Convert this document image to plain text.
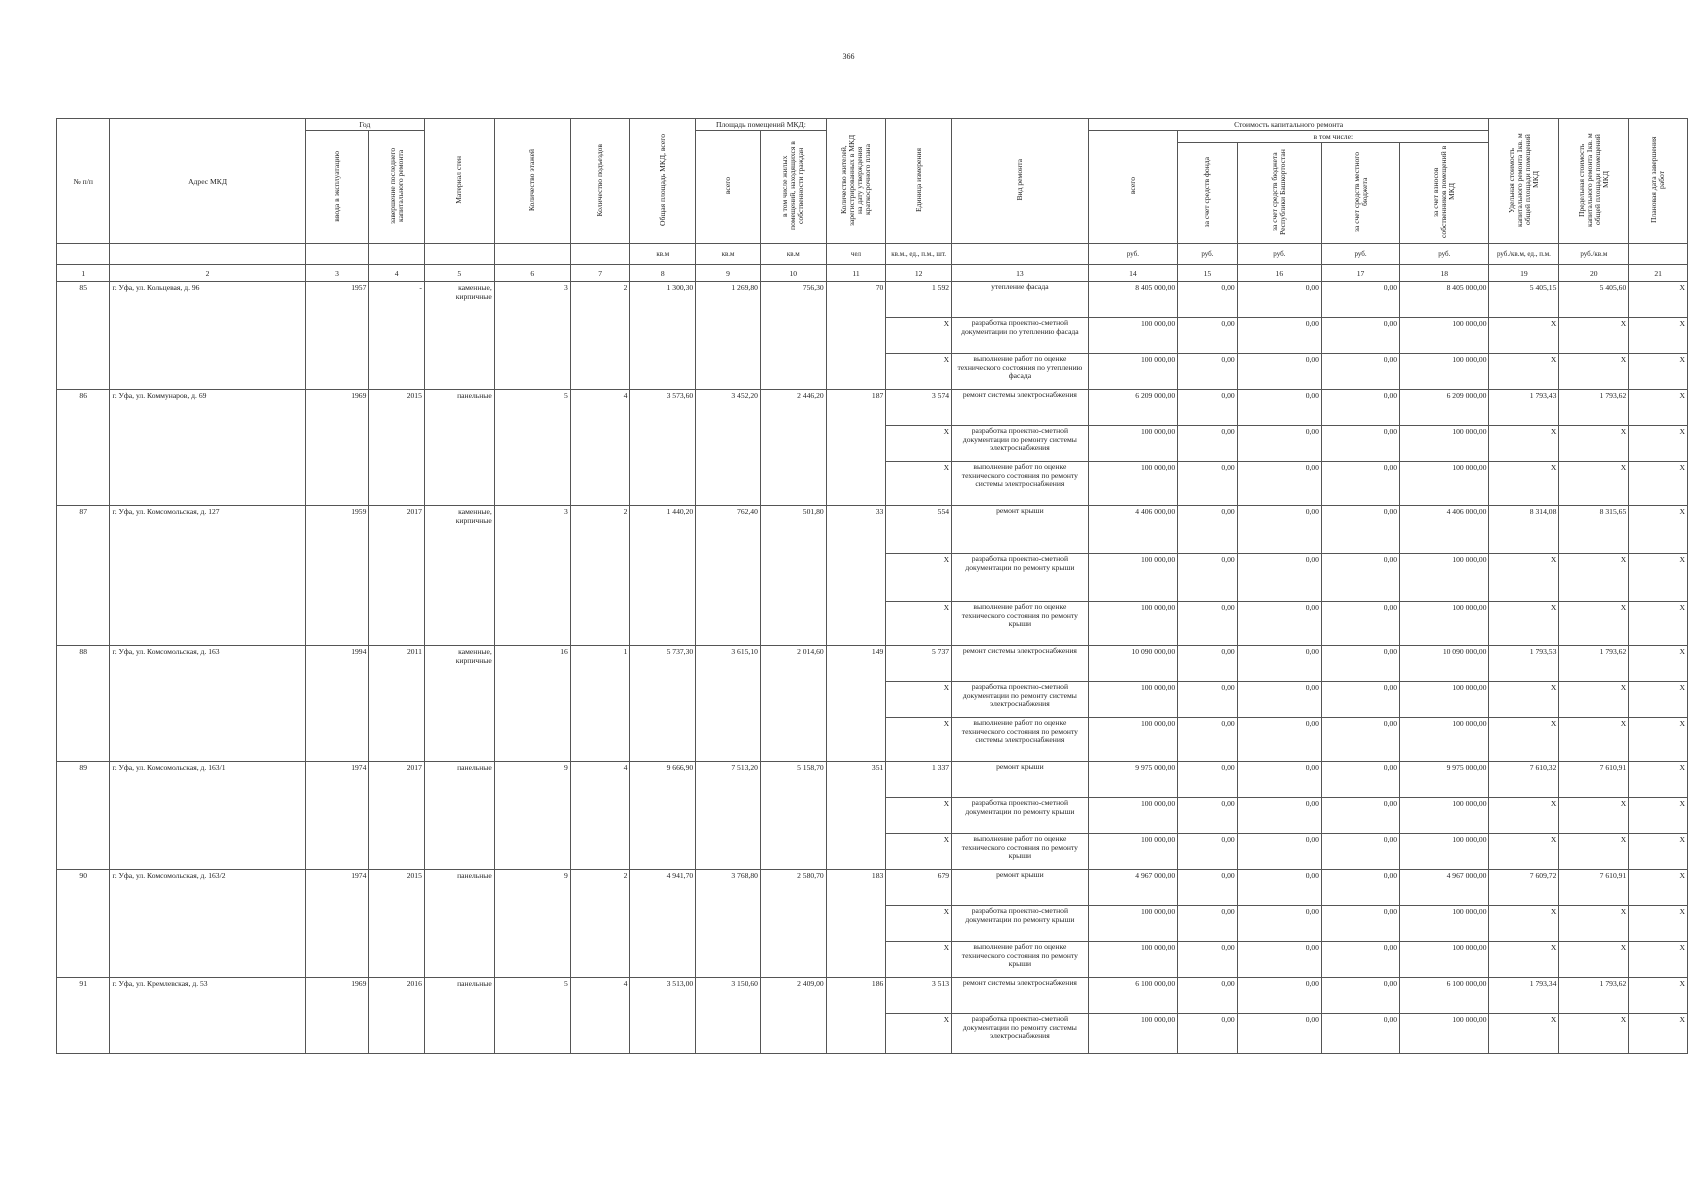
366
№ п/п	Адрес МКД	Год		Материал стен	Количество этажей	Количество подъездов	Общая площадь МКД, всего	Площадь помещений МКД:		Количество жителей, зарегистрированных в МКД на дату утверждения краткосрочного плана	Единица измерения	Вид ремонта	Стоимость капитального ремонта					Удельная стоимость капитального ремонта 1кв. м общей площади помещений МКД	Предельная стоимость капитального ремонта 1кв. м общей площади помещений МКД	Плановая дата завершения работ
		ввода в эксплуатацию	завершение последнего капитального ремонта					всего	в том числе жилых помещений, находящихся в собственности граждан				всего	в том числе:						
														за счет средств фонда	за счет средств бюджета Республики Башкортостан	за счет средств местного бюджета	за счет взносов собственников помещений в МКД			
							кв.м	кв.м	кв.м	чел	кв.м., ед., п.м., шт.		руб.	руб.	руб.	руб.	руб.	руб./кв.м, ед., п.м.	руб./кв.м	
1	2	3	4	5	6	7	8	9	10	11	12	13	14	15	16	17	18	19	20	21
85	г. Уфа, ул. Кольцевая, д. 96	1957	-	каменные, кирпичные	3	2	1 300,30	1 269,80	756,30	70	1 592	утепление фасада	8 405 000,00	0,00	0,00	0,00	8 405 000,00	5 405,15	5 405,60	X
											X	разработка проектно-сметной документации по утеплению фасада	100 000,00	0,00	0,00	0,00	100 000,00	X	X	X
											X	выполнение работ по оценке технического состояния по утеплению фасада	100 000,00	0,00	0,00	0,00	100 000,00	X	X	X
86	г. Уфа, ул. Коммунаров, д. 69	1969	2015	панельные	5	4	3 573,60	3 452,20	2 446,20	187	3 574	ремонт системы электроснабжения	6 209 000,00	0,00	0,00	0,00	6 209 000,00	1 793,43	1 793,62	X
											X	разработка проектно-сметной документации по ремонту системы электроснабжения	100 000,00	0,00	0,00	0,00	100 000,00	X	X	X
											X	выполнение работ по оценке технического состояния по ремонту системы электроснабжения	100 000,00	0,00	0,00	0,00	100 000,00	X	X	X
87	г. Уфа, ул. Комсомольская, д. 127	1959	2017	каменные, кирпичные	3	2	1 440,20	762,40	501,80	33	554	ремонт крыши	4 406 000,00	0,00	0,00	0,00	4 406 000,00	8 314,08	8 315,65	X
											X	разработка проектно-сметной документации по ремонту крыши	100 000,00	0,00	0,00	0,00	100 000,00	X	X	X
											X	выполнение работ по оценке технического состояния по ремонту крыши	100 000,00	0,00	0,00	0,00	100 000,00	X	X	X
88	г. Уфа, ул. Комсомольская, д. 163	1994	2011	каменные, кирпичные	16	1	5 737,30	3 615,10	2 014,60	149	5 737	ремонт системы электроснабжения	10 090 000,00	0,00	0,00	0,00	10 090 000,00	1 793,53	1 793,62	X
											X	разработка проектно-сметной документации по ремонту системы электроснабжения	100 000,00	0,00	0,00	0,00	100 000,00	X	X	X
											X	выполнение работ по оценке технического состояния по ремонту системы электроснабжения	100 000,00	0,00	0,00	0,00	100 000,00	X	X	X
89	г. Уфа, ул. Комсомольская, д. 163/1	1974	2017	панельные	9	4	9 666,90	7 513,20	5 158,70	351	1 337	ремонт крыши	9 975 000,00	0,00	0,00	0,00	9 975 000,00	7 610,32	7 610,91	X
											X	разработка проектно-сметной документации по ремонту крыши	100 000,00	0,00	0,00	0,00	100 000,00	X	X	X
											X	выполнение работ по оценке технического состояния по ремонту крыши	100 000,00	0,00	0,00	0,00	100 000,00	X	X	X
90	г. Уфа, ул. Комсомольская, д. 163/2	1974	2015	панельные	9	2	4 941,70	3 768,80	2 580,70	183	679	ремонт крыши	4 967 000,00	0,00	0,00	0,00	4 967 000,00	7 609,72	7 610,91	X
											X	разработка проектно-сметной документации по ремонту крыши	100 000,00	0,00	0,00	0,00	100 000,00	X	X	X
											X	выполнение работ по оценке технического состояния по ремонту крыши	100 000,00	0,00	0,00	0,00	100 000,00	X	X	X
91	г. Уфа, ул. Кремлевская, д. 53	1969	2016	панельные	5	4	3 513,00	3 150,60	2 409,00	186	3 513	ремонт системы электроснабжения	6 100 000,00	0,00	0,00	0,00	6 100 000,00	1 793,34	1 793,62	X
											X	разработка проектно-сметной документации по ремонту системы электроснабжения	100 000,00	0,00	0,00	0,00	100 000,00	X	X	X
